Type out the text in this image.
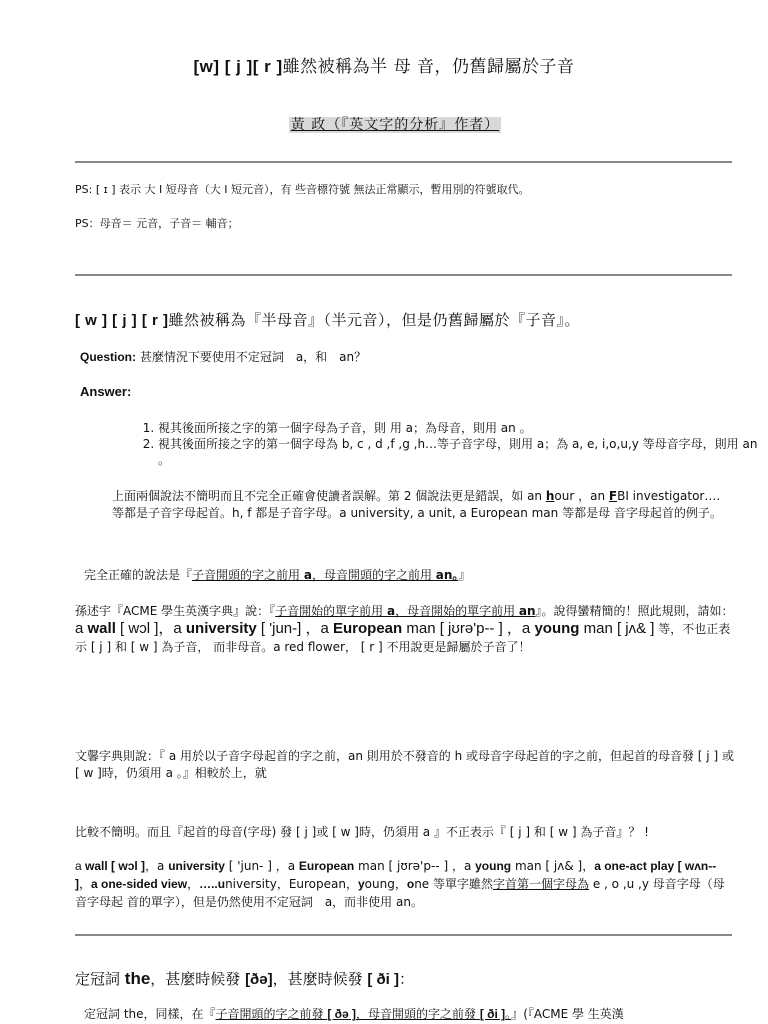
[w] [ j ][ r ]雖然被稱為半 母 音，仍舊歸屬於子音
黃 政（『英文字的分析』作者）
PS: [ ɪ ] 表示 大 I 短母音（大 I 短元音），有 些音標符號 無法正常顯示，暫用別的符號取代。
PS：母音＝ 元音，子音＝ 輔音；
[ w ] [ j ] [ r ]雖然被稱為『半母音』（半元音），但是仍舊歸屬於『子音』。
Question: 甚麼情況下要使用不定冠詞　a，和　an？
Answer:
1. 視其後面所接之字的第一個字母為子音，則 用 a；為母音，則用 an 。
2. 視其後面所接之字的第一個字母為 b, c , d ,f ,g ,h…等子音字母，則用 a；為 a, e, i,o,u,y 等母音字母，則用 an 。
上面兩個說法不簡明而且不完全正確會使讀者誤解。第 2 個說法更是錯誤，如 an hour ，an FBI investigator….等都是子音字母起首。h, f 都是子音字母。a university, a unit, a European man 等都是母 音字母起首的例子。
完全正確的說法是『子音開頭的字之前用 a，母音開頭的字之前用 an。』
孫述宇『ACME 學生英漢字典』說：『子音開始的單字前用 a，母音開始的單字前用 an』。說得蠻精簡的！照此規則，請如：a wall [ wɔl ]，a university [ 'jun-] ，a European man [ jʊrə'p-- ] ，a young man [ jʌ& ] 等，不也正表示 [ j ] 和 [ w ] 為子音， 而非母音。a red flower， [ r ] 不用說更是歸屬於子音了！
文馨字典則說：『 a 用於以子音字母起首的字之前，an 則用於不發音的 h 或母音字母起首的字之前，但起首的母音發 [ j ] 或 [ w ]時，仍須用 a 。』相較於上，就
比較不簡明。而且『起首的母音(字母) 發 [ j ]或 [ w ]時，仍須用 a 』不正表示『 [ j ] 和 [ w ] 為子音』？ !
a wall [ wɔl ]，a university [ 'jun- ] ，a European man [ jʊrə'p-- ] ，a young man [ jʌ& ]，a one-act play [ wʌn-- ]，a one-sided view，…..university，European，young，one 等單字雖然字首第一個字母為 e , o ,u ,y 母音字母（母 音字母起 首的單字），但是仍然使用不定冠詞　a，而非使用 an。
定冠詞 the，甚麼時候發 [ðə]，甚麼時候發 [ ði ]：
定冠詞 the，同樣，在『子音開頭的字之前發 [ ðə ]，母音開頭的字之前發 [ ði ]。』(『ACME 學 生英漢
